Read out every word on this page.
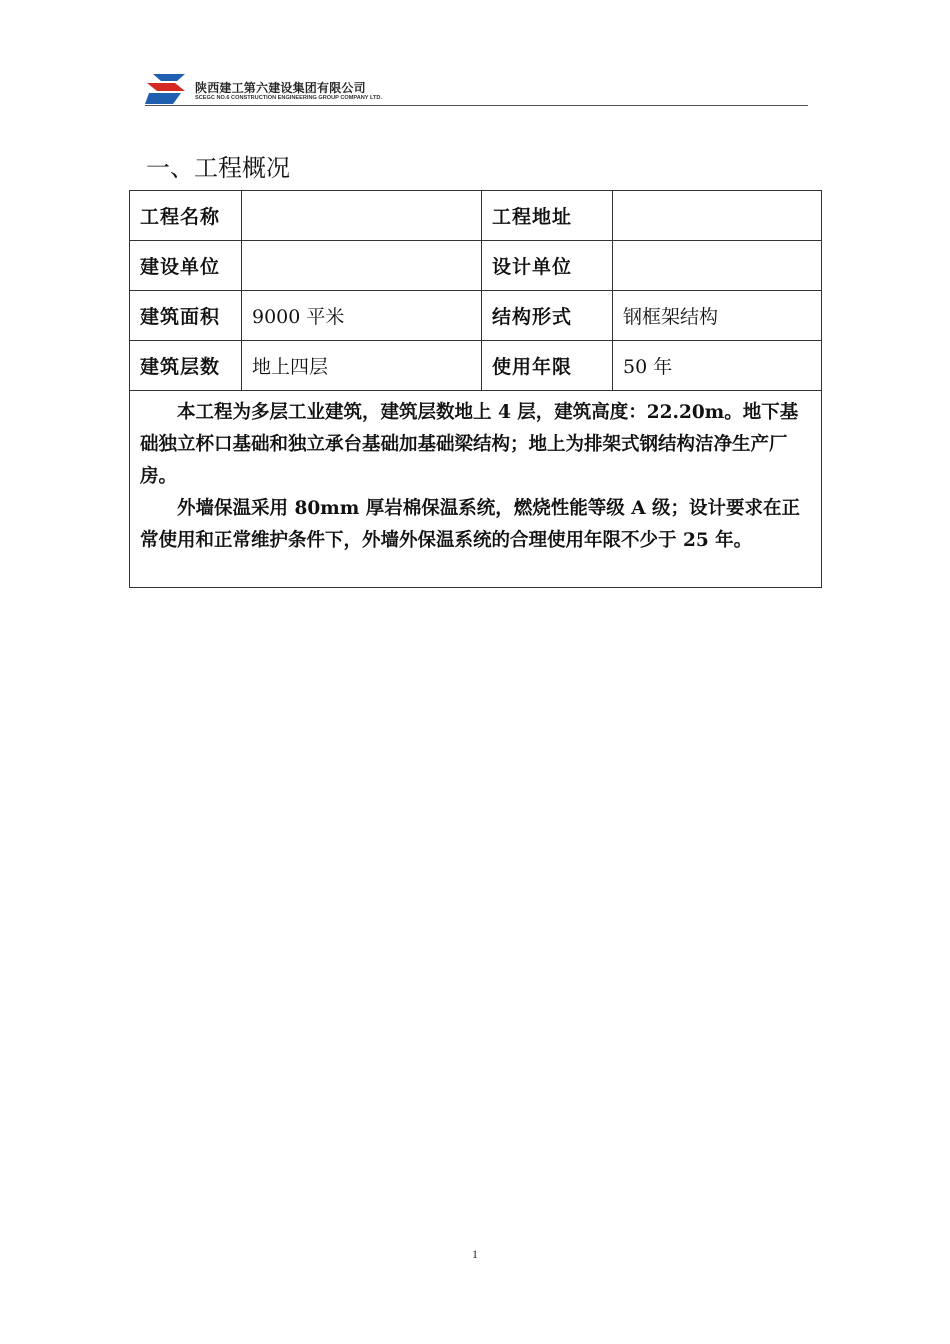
陕西建工第六建设集团有限公司
SCEGC NO.6 CONSTRUCTION ENGINEERING GROUP COMPANY LTD.
一、工程概况
工程名称		工程地址	
建设单位		设计单位	
建筑面积	9000 平米	结构形式	钢框架结构
建筑层数	地上四层	使用年限	50 年

本工程为多层工业建筑，建筑层数地上 4 层，建筑高度：22.20m。地下基础独立杯口基础和独立承台基础加基础梁结构；地上为排架式钢结构洁净生产厂房。

外墙保温采用 80mm 厚岩棉保温系统，燃烧性能等级 A 级；设计要求在正常使用和正常维护条件下，外墙外保温系统的合理使用年限不少于 25 年。			

1
